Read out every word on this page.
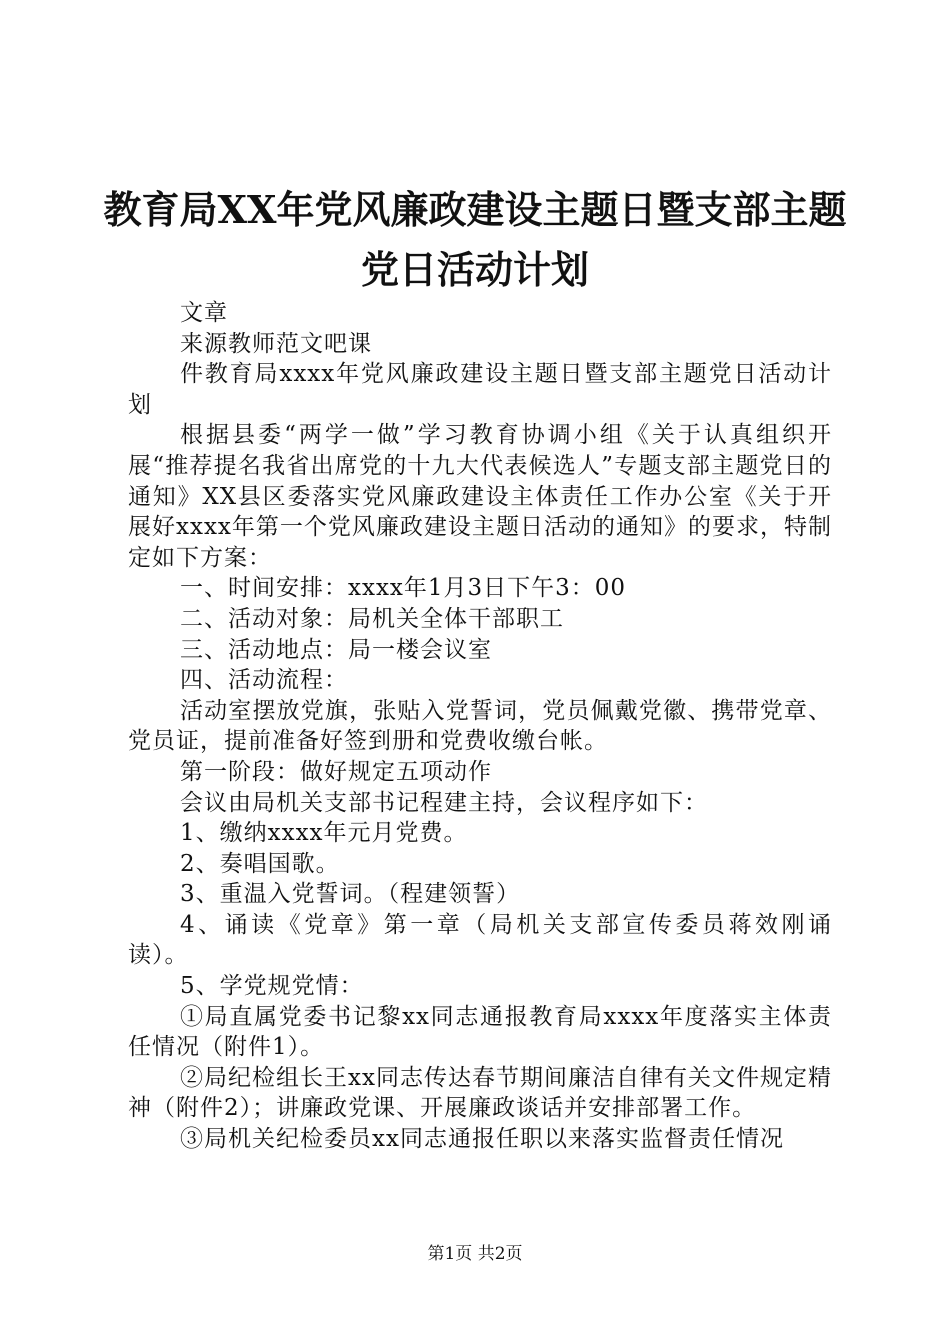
教育局XX年党风廉政建设主题日暨支部主题
党日活动计划

文章

来源教师范文吧课

件教育局xxxx年党风廉政建设主题日暨支部主题党日活动计划

根据县委“两学一做”学习教育协调小组《关于认真组织开展“推荐提名我省出席党的十九大代表候选人”专题支部主题党日的通知》XX县区委落实党风廉政建设主体责任工作办公室《关于开展好xxxx年第一个党风廉政建设主题日活动的通知》的要求，特制定如下方案：

一、时间安排：xxxx年1月3日下午3：00

二、活动对象：局机关全体干部职工

三、活动地点：局一楼会议室

四、活动流程：

活动室摆放党旗，张贴入党誓词，党员佩戴党徽、携带党章、党员证，提前准备好签到册和党费收缴台帐。

第一阶段：做好规定五项动作

会议由局机关支部书记程建主持，会议程序如下：

1、缴纳xxxx年元月党费。

2、奏唱国歌。

3、重温入党誓词。（程建领誓）

4、诵读《党章》第一章（局机关支部宣传委员蒋效刚诵读）。

5、学党规党情：

①局直属党委书记黎xx同志通报教育局xxxx年度落实主体责任情况（附件1）。

②局纪检组长王xx同志传达春节期间廉洁自律有关文件规定精神（附件2）；讲廉政党课、开展廉政谈话并安排部署工作。

③局机关纪检委员xx同志通报任职以来落实监督责任情况

第1页 共2页
